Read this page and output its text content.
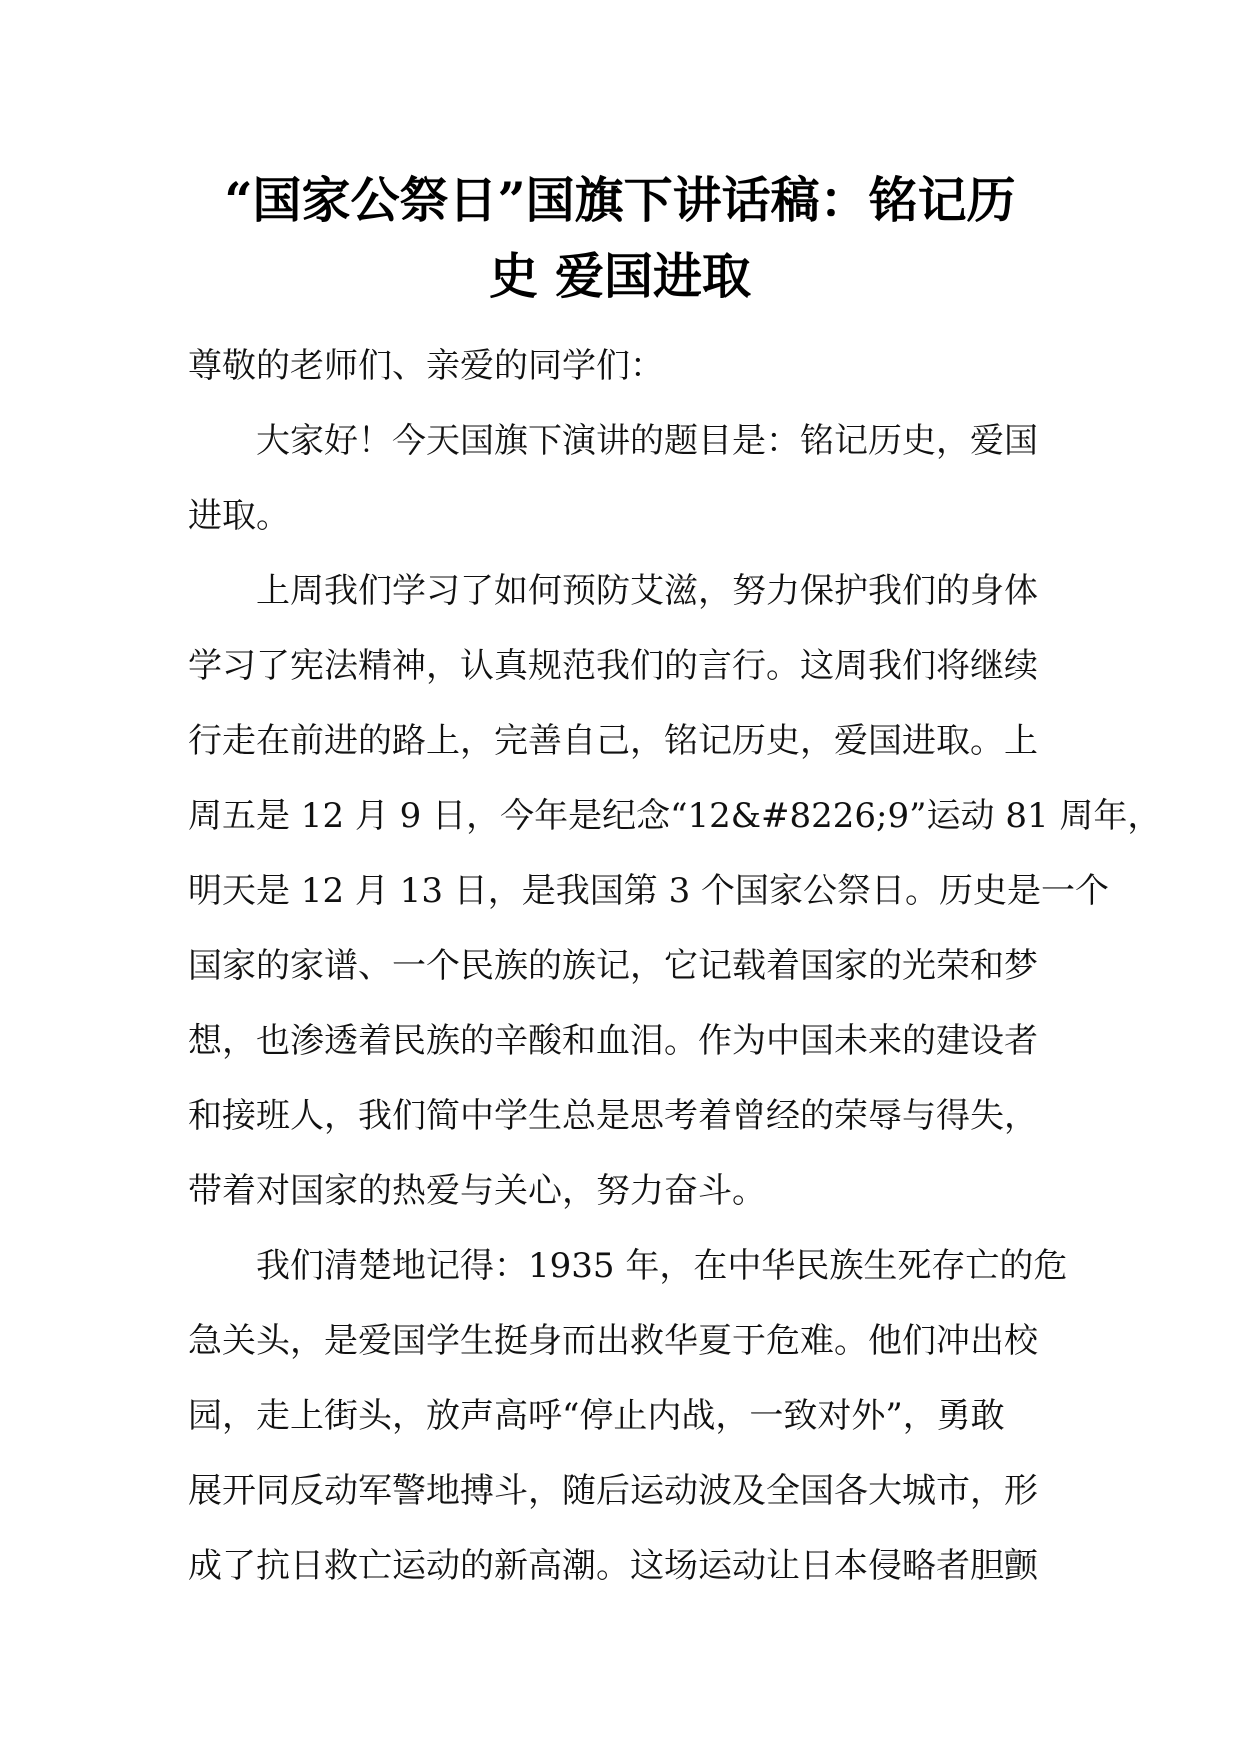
“国家公祭日”国旗下讲话稿：铭记历
史 爱国进取
尊敬的老师们、亲爱的同学们：
大家好！今天国旗下演讲的题目是：铭记历史，爱国
进取。
上周我们学习了如何预防艾滋，努力保护我们的身体
学习了宪法精神，认真规范我们的言行。这周我们将继续
行走在前进的路上，完善自己，铭记历史，爱国进取。上
周五是 12 月 9 日，今年是纪念“12&#8226;9”运动 81 周年，
明天是 12 月 13 日，是我国第 3 个国家公祭日。历史是一个
国家的家谱、一个民族的族记，它记载着国家的光荣和梦
想，也渗透着民族的辛酸和血泪。作为中国未来的建设者
和接班人，我们简中学生总是思考着曾经的荣辱与得失，
带着对国家的热爱与关心，努力奋斗。
我们清楚地记得：1935 年，在中华民族生死存亡的危
急关头，是爱国学生挺身而出救华夏于危难。他们冲出校
园，走上街头，放声高呼“停止内战，一致对外”，勇敢
展开同反动军警地搏斗，随后运动波及全国各大城市，形
成了抗日救亡运动的新高潮。这场运动让日本侵略者胆颤
